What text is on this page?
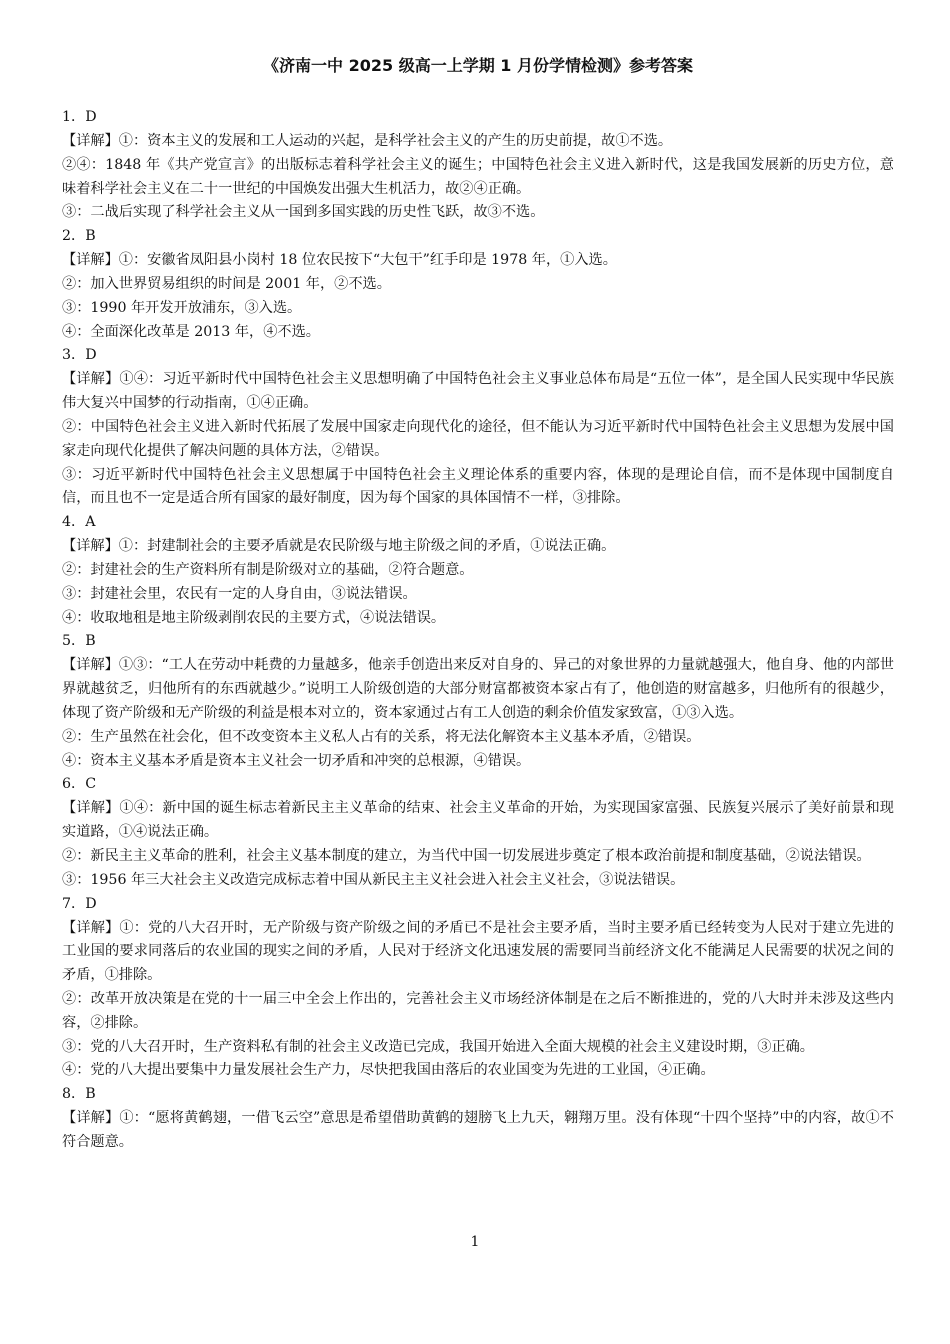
《济南一中 2025 级高一上学期 1 月份学情检测》参考答案
1．D
【详解】①：资本主义的发展和工人运动的兴起，是科学社会主义的产生的历史前提，故①不选。
②④：1848 年《共产党宣言》的出版标志着科学社会主义的诞生；中国特色社会主义进入新时代，这是我国发展新的历史方位，意味着科学社会主义在二十一世纪的中国焕发出强大生机活力，故②④正确。
③：二战后实现了科学社会主义从一国到多国实践的历史性飞跃，故③不选。
2．B
【详解】①：安徽省凤阳县小岗村 18 位农民按下“大包干”红手印是 1978 年，①入选。
②：加入世界贸易组织的时间是 2001 年，②不选。
③：1990 年开发开放浦东，③入选。
④：全面深化改革是 2013 年，④不选。
3．D
【详解】①④：习近平新时代中国特色社会主义思想明确了中国特色社会主义事业总体布局是“五位一体”，是全国人民实现中华民族伟大复兴中国梦的行动指南，①④正确。
②：中国特色社会主义进入新时代拓展了发展中国家走向现代化的途径，但不能认为习近平新时代中国特色社会主义思想为发展中国家走向现代化提供了解决问题的具体方法，②错误。
③：习近平新时代中国特色社会主义思想属于中国特色社会主义理论体系的重要内容，体现的是理论自信，而不是体现中国制度自信，而且也不一定是适合所有国家的最好制度，因为每个国家的具体国情不一样，③排除。
4．A
【详解】①：封建制社会的主要矛盾就是农民阶级与地主阶级之间的矛盾，①说法正确。
②：封建社会的生产资料所有制是阶级对立的基础，②符合题意。
③：封建社会里，农民有一定的人身自由，③说法错误。
④：收取地租是地主阶级剥削农民的主要方式，④说法错误。
5．B
【详解】①③：“工人在劳动中耗费的力量越多，他亲手创造出来反对自身的、异己的对象世界的力量就越强大，他自身、他的内部世界就越贫乏，归他所有的东西就越少。”说明工人阶级创造的大部分财富都被资本家占有了，他创造的财富越多，归他所有的很越少，体现了资产阶级和无产阶级的利益是根本对立的，资本家通过占有工人创造的剩余价值发家致富，①③入选。
②：生产虽然在社会化，但不改变资本主义私人占有的关系，将无法化解资本主义基本矛盾，②错误。
④：资本主义基本矛盾是资本主义社会一切矛盾和冲突的总根源，④错误。
6．C
【详解】①④：新中国的诞生标志着新民主主义革命的结束、社会主义革命的开始，为实现国家富强、民族复兴展示了美好前景和现实道路，①④说法正确。
②：新民主主义革命的胜利，社会主义基本制度的建立，为当代中国一切发展进步奠定了根本政治前提和制度基础，②说法错误。
③：1956 年三大社会主义改造完成标志着中国从新民主主义社会进入社会主义社会，③说法错误。
7．D
【详解】①：党的八大召开时，无产阶级与资产阶级之间的矛盾已不是社会主要矛盾，当时主要矛盾已经转变为人民对于建立先进的工业国的要求同落后的农业国的现实之间的矛盾，人民对于经济文化迅速发展的需要同当前经济文化不能满足人民需要的状况之间的矛盾，①排除。
②：改革开放决策是在党的十一届三中全会上作出的，完善社会主义市场经济体制是在之后不断推进的，党的八大时并未涉及这些内容，②排除。
③：党的八大召开时，生产资料私有制的社会主义改造已完成，我国开始进入全面大规模的社会主义建设时期，③正确。
④：党的八大提出要集中力量发展社会生产力，尽快把我国由落后的农业国变为先进的工业国，④正确。
8．B
【详解】①：“愿将黄鹤翅，一借飞云空”意思是希望借助黄鹤的翅膀飞上九天，翱翔万里。没有体现“十四个坚持”中的内容，故①不符合题意。
1
